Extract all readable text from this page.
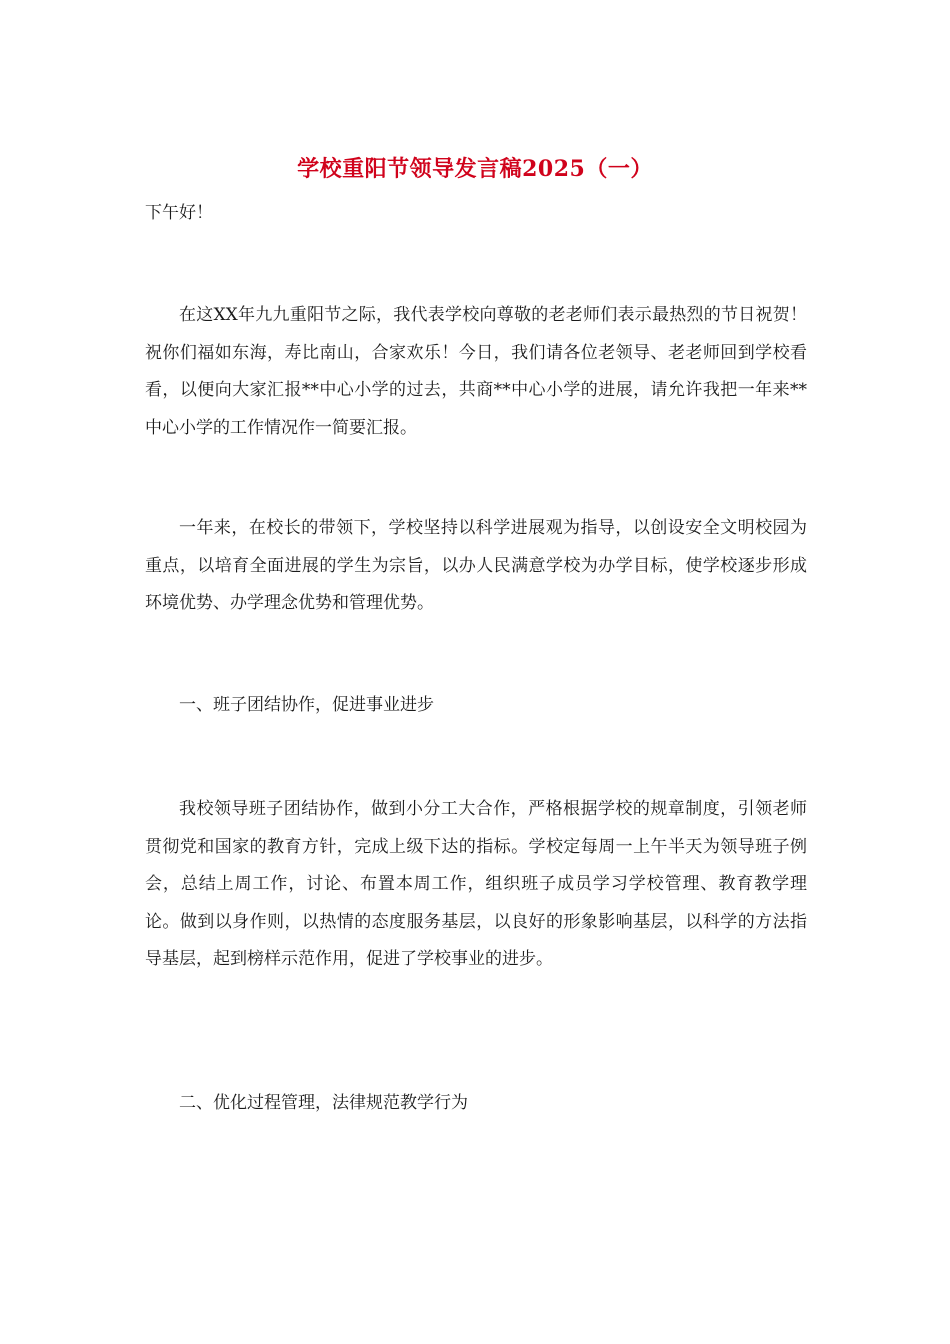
学校重阳节领导发言稿2025（一）
下午好！

在这XX年九九重阳节之际，我代表学校向尊敬的老老师们表示最热烈的节日祝贺！祝你们福如东海，寿比南山，合家欢乐！今日，我们请各位老领导、老老师回到学校看看，以便向大家汇报**中心小学的过去，共商**中心小学的进展，请允许我把一年来**中心小学的工作情况作一简要汇报。

一年来，在校长的带领下，学校坚持以科学进展观为指导，以创设安全文明校园为重点，以培育全面进展的学生为宗旨，以办人民满意学校为办学目标，使学校逐步形成环境优势、办学理念优势和管理优势。

一、班子团结协作，促进事业进步

我校领导班子团结协作，做到小分工大合作，严格根据学校的规章制度，引领老师贯彻党和国家的教育方针，完成上级下达的指标。学校定每周一上午半天为领导班子例会，总结上周工作，讨论、布置本周工作，组织班子成员学习学校管理、教育教学理论。做到以身作则，以热情的态度服务基层，以良好的形象影响基层，以科学的方法指导基层，起到榜样示范作用，促进了学校事业的进步。

二、优化过程管理，法律规范教学行为
